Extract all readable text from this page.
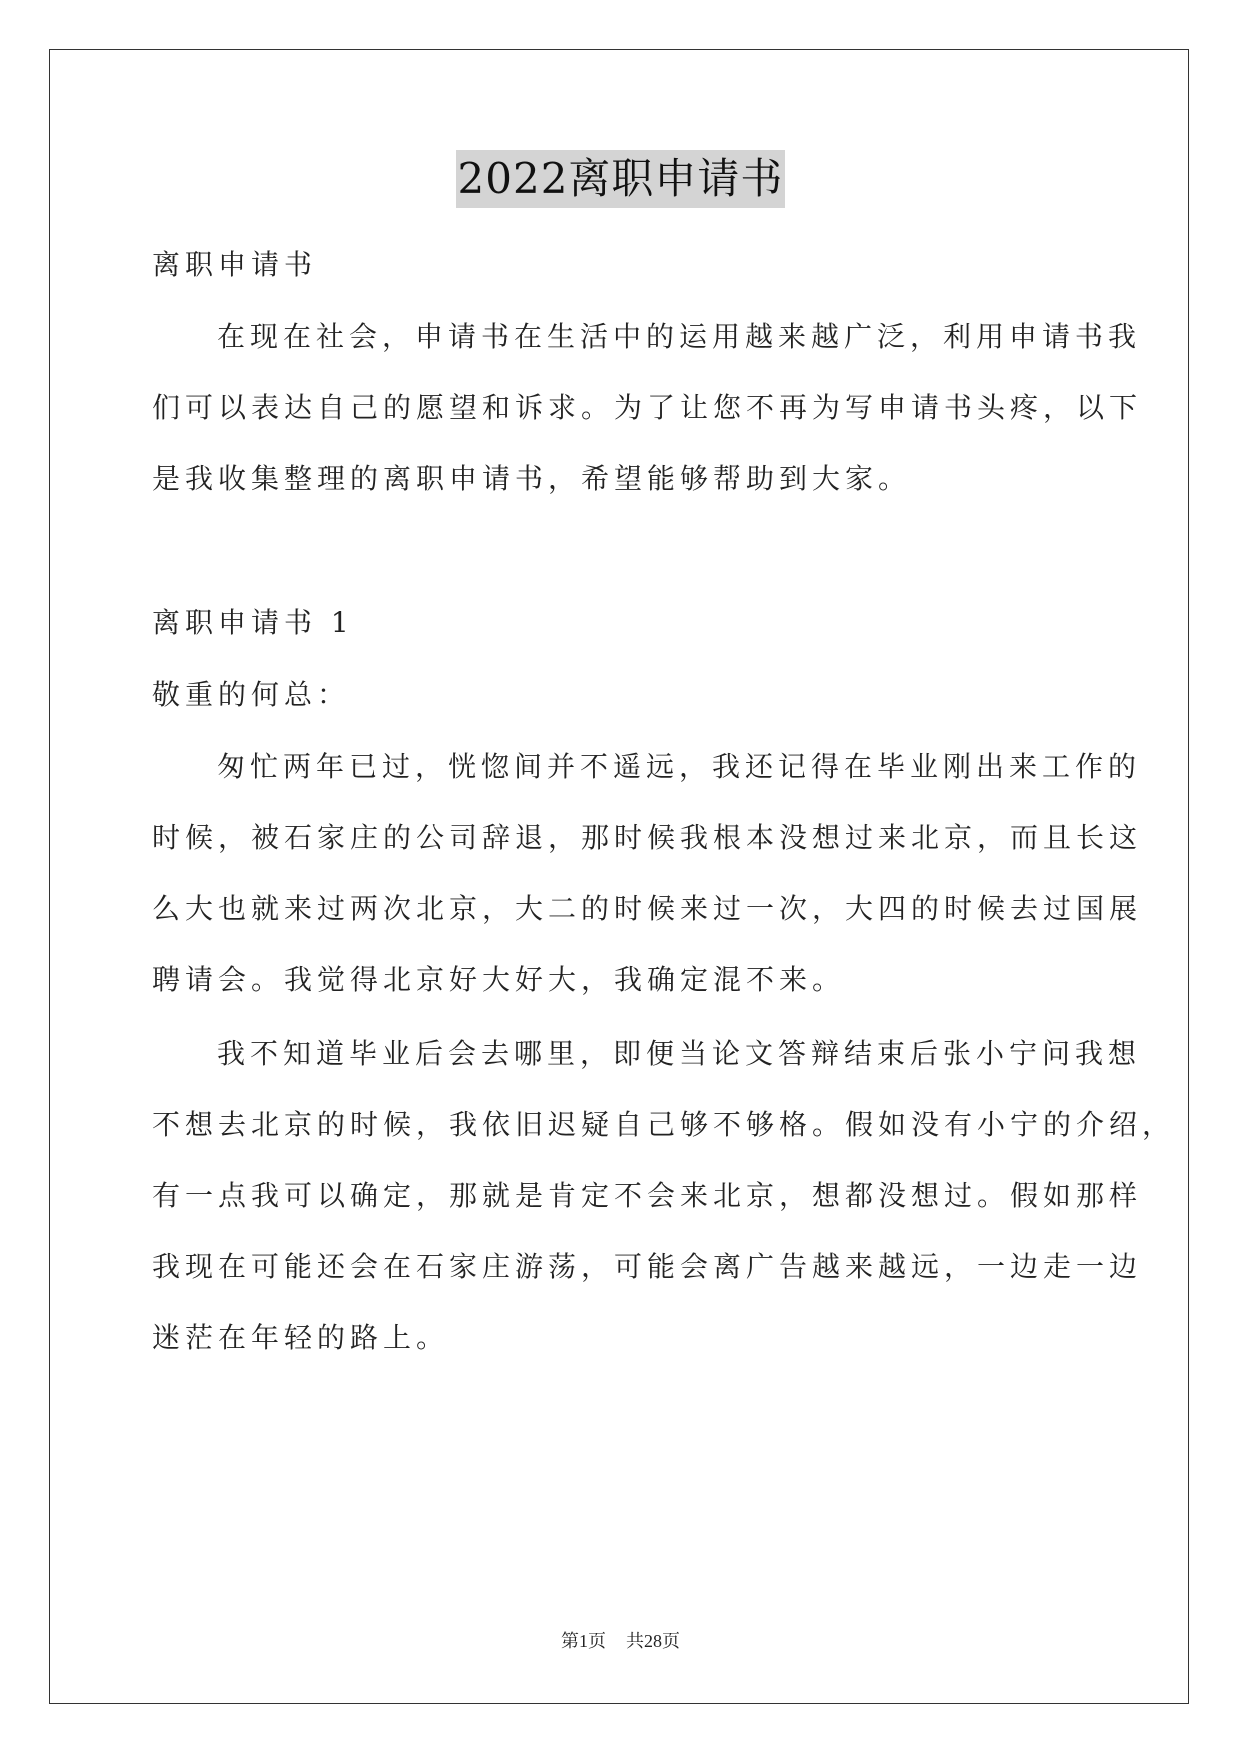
2022离职申请书
离职申请书
在现在社会，申请书在生活中的运用越来越广泛，利用申请书我
们可以表达自己的愿望和诉求。为了让您不再为写申请书头疼，以下
是我收集整理的离职申请书，希望能够帮助到大家。
离职申请书 1
敬重的何总：
匆忙两年已过，恍惚间并不遥远，我还记得在毕业刚出来工作的
时候，被石家庄的公司辞退，那时候我根本没想过来北京，而且长这
么大也就来过两次北京，大二的时候来过一次，大四的时候去过国展
聘请会。我觉得北京好大好大，我确定混不来。
我不知道毕业后会去哪里，即便当论文答辩结束后张小宁问我想
不想去北京的时候，我依旧迟疑自己够不够格。假如没有小宁的介绍，
有一点我可以确定，那就是肯定不会来北京，想都没想过。假如那样
我现在可能还会在石家庄游荡，可能会离广告越来越远，一边走一边
迷茫在年轻的路上。
第1页 共28页
